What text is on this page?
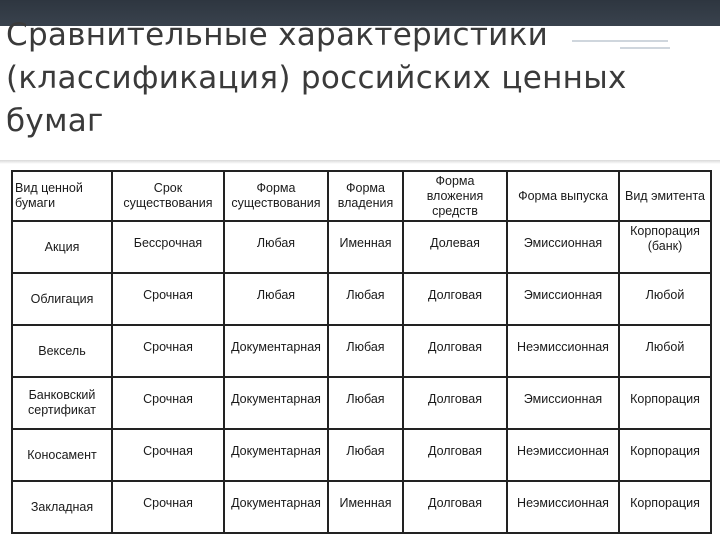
Сравнительные характеристики (классификация) российских ценных бумаг
Вид ценной бумаги	Срок существования	Форма существования	Форма владения	Форма вложения средств	Форма выпуска	Вид эмитента
Акция	Бессрочная	Любая	Именная	Долевая	Эмиссионная	Корпорация (банк)
Облигация	Срочная	Любая	Любая	Долговая	Эмиссионная	Любой
Вексель	Срочная	Документарная	Любая	Долговая	Неэмиссионная	Любой
Банковский сертификат	Срочная	Документарная	Любая	Долговая	Эмиссионная	Корпорация
Коносамент	Срочная	Документарная	Любая	Долговая	Неэмиссионная	Корпорация
Закладная	Срочная	Документарная	Именная	Долговая	Неэмиссионная	Корпорация
